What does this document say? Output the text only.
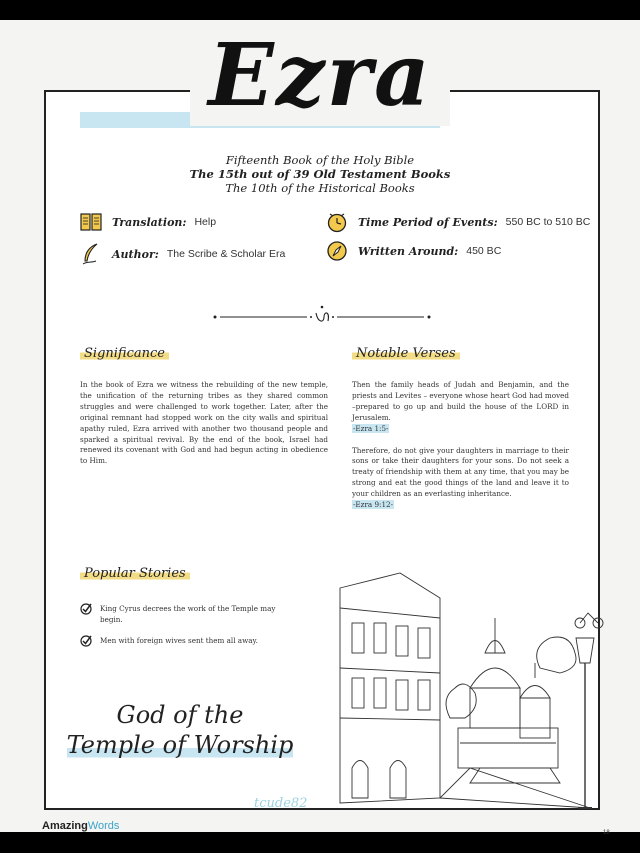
Ezra
Fifteenth Book of the Holy Bible
The 15th out of 39 Old Testament Books
The 10th of the Historical Books
Translation: Help
Author: The Scribe & Scholar Era
Time Period of Events: 550 BC to 510 BC
Written Around: 450 BC
Significance
In the book of Ezra we witness the rebuilding of the new temple, the unification of the returning tribes as they shared common struggles and were challenged to work together. Later, after the original remnant had stopped work on the city walls and spiritual apathy ruled, Ezra arrived with another two thousand people and sparked a spiritual revival. By the end of the book, Israel had renewed its covenant with God and had begun acting in obedience to Him.
Notable Verses
Then the family heads of Judah and Benjamin, and the priests and Levites – everyone whose heart God had moved –prepared to go up and build the house of the LORD in Jerusalem.
-Ezra 1:5-
Therefore, do not give your daughters in marriage to their sons or take their daughters for your sons. Do not seek a treaty of friendship with them at any time, that you may be strong and eat the good things of the land and leave it to your children as an everlasting inheritance.
-Ezra 9:12-
Popular Stories
King Cyrus decrees the work of the Temple may begin.
Men with foreign wives sent them all away.
God of the
Temple of Worship
tcude82
AmazingWords
18
